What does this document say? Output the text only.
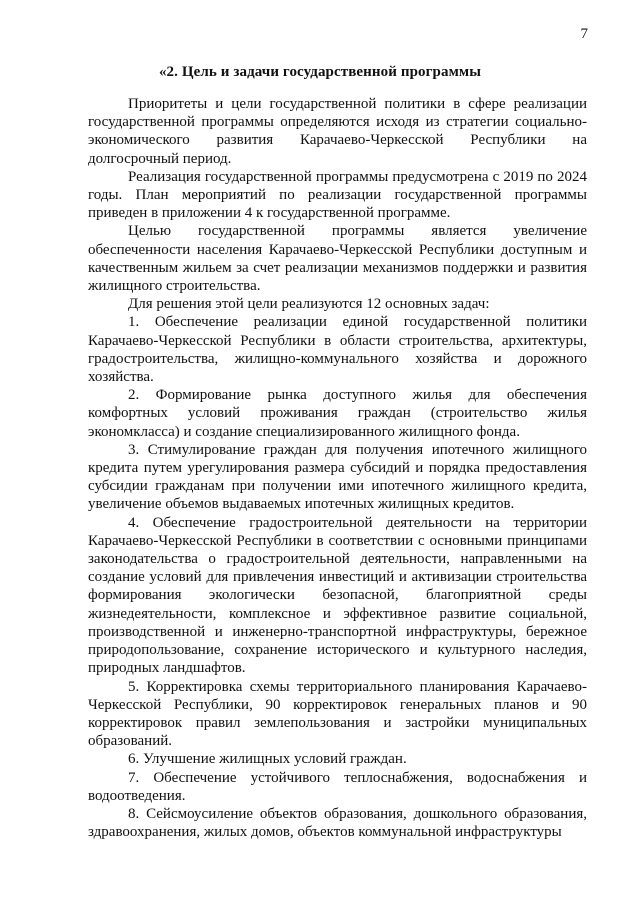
7
«2. Цель и задачи государственной программы

Приоритеты и цели государственной политики в сфере реализации государственной программы определяются исходя из стратегии социально-экономического развития Карачаево-Черкесской Республики на долгосрочный период.

Реализация государственной программы предусмотрена с 2019 по 2024 годы. План мероприятий по реализации государственной программы приведен в приложении 4 к государственной программе.

Целью государственной программы является увеличение обеспеченности населения Карачаево-Черкесской Республики доступным и качественным жильем за счет реализации механизмов поддержки и развития жилищного строительства.

Для решения этой цели реализуются 12 основных задач:

1. Обеспечение реализации единой государственной политики Карачаево-Черкесской Республики в области строительства, архитектуры, градостроительства, жилищно-коммунального хозяйства и дорожного хозяйства.

2. Формирование рынка доступного жилья для обеспечения комфортных условий проживания граждан (строительство жилья экономкласса) и создание специализированного жилищного фонда.

3. Стимулирование граждан для получения ипотечного жилищного кредита путем урегулирования размера субсидий и порядка предоставления субсидии гражданам при получении ими ипотечного жилищного кредита, увеличение объемов выдаваемых ипотечных жилищных кредитов.

4. Обеспечение градостроительной деятельности на территории Карачаево-Черкесской Республики в соответствии с основными принципами законодательства о градостроительной деятельности, направленными на создание условий для привлечения инвестиций и активизации строительства формирования экологически безопасной, благоприятной среды жизнедеятельности, комплексное и эффективное развитие социальной, производственной и инженерно-транспортной инфраструктуры, бережное природопользование, сохранение исторического и культурного наследия, природных ландшафтов.

5. Корректировка схемы территориального планирования Карачаево-Черкесской Республики, 90 корректировок генеральных планов и 90 корректировок правил землепользования и застройки муниципальных образований.

6. Улучшение жилищных условий граждан.

7. Обеспечение устойчивого теплоснабжения, водоснабжения и водоотведения.

8. Сейсмоусиление объектов образования, дошкольного образования, здравоохранения, жилых домов, объектов коммунальной инфраструктуры
